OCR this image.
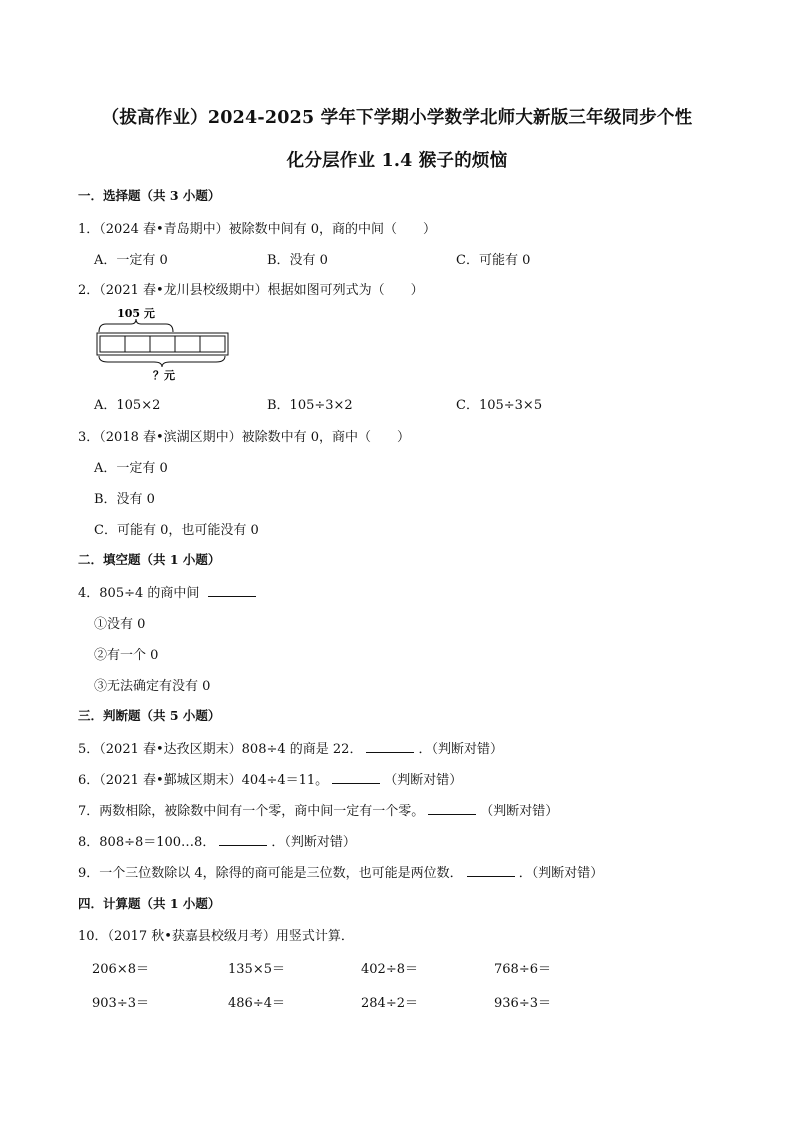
（拔高作业）2024-2025 学年下学期小学数学北师大新版三年级同步个性
化分层作业 1.4 猴子的烦恼
一．选择题（共 3 小题）
1．（2024 春•青岛期中）被除数中间有 0，商的中间（　　）
A．一定有 0	B．没有 0	C．可能有 0
2．（2021 春•龙川县校级期中）根据如图可列式为（　　）
105 元
？元
A．105×2	B．105÷3×2	C．105÷3×5
3．（2018 春•滨湖区期中）被除数中有 0，商中（　　）
A．一定有 0
B．没有 0
C．可能有 0，也可能没有 0
二．填空题（共 1 小题）
4．805÷4 的商中间
①没有 0
②有一个 0
③无法确定有没有 0
三．判断题（共 5 小题）
5．（2021 春•达孜区期末）808÷4 的商是 22．	．（判断对错）
6．（2021 春•鄞城区期末）404÷4＝11。	（判断对错）
7．两数相除，被除数中间有一个零，商中间一定有一个零。	（判断对错）
8．808÷8＝100…8．	．（判断对错）
9．一个三位数除以 4，除得的商可能是三位数，也可能是两位数．	．（判断对错）
四．计算题（共 1 小题）
10．（2017 秋•获嘉县校级月考）用竖式计算．
206×8＝	135×5＝	402÷8＝	768÷6＝
903÷3＝	486÷4＝	284÷2＝	936÷3＝
